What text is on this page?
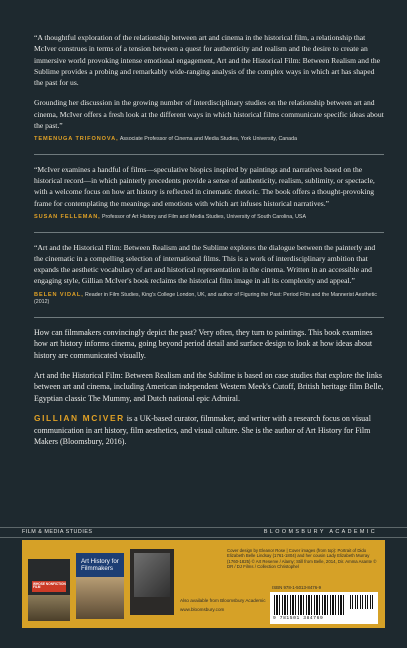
“A thoughtful exploration of the relationship between art and cinema in the historical film, a relationship that McIver construes in terms of a tension between a quest for authenticity and realism and the desire to create an immersive world provoking intense emotional engagement, Art and the Historical Film: Between Realism and the Sublime provides a probing and remarkably wide-ranging analysis of the complex ways in which art has shaped the past for us.

Grounding her discussion in the growing number of interdisciplinary studies on the relationship between art and cinema, McIver offers a fresh look at the different ways in which historical films communicate specific ideas about the past.”

TEMENUGA TRIFONOVA, Associate Professor of Cinema and Media Studies, York University, Canada

“McIver examines a handful of films—speculative biopics inspired by paintings and narratives based on the historical record—in which painterly precedents provide a sense of authenticity, realism, sublimity, or spectacle, with a welcome focus on how art history is reflected in cinematic rhetoric. The book offers a thought-provoking frame for contemplating the meanings and emotions with which art infuses historical narratives.”

SUSAN FELLEMAN, Professor of Art History and Film and Media Studies, University of South Carolina, USA

“Art and the Historical Film: Between Realism and the Sublime explores the dialogue between the painterly and the cinematic in a compelling selection of international films. This is a work of interdisciplinary ambition that expands the aesthetic vocabulary of art and historical representation in the cinema. Written in an accessible and engaging style, Gillian McIver's book reclaims the historical film image in all its complexity and appeal.”

BELEN VIDAL, Reader in Film Studies, King's College London, UK, and author of Figuring the Past: Period Film and the Mannerist Aesthetic (2012)

How can filmmakers convincingly depict the past? Very often, they turn to paintings. This book examines how art history informs cinema, going beyond period detail and surface design to look at how ideas about history are communicated visually.

Art and the Historical Film: Between Realism and the Sublime is based on case studies that explore the links between art and cinema, including American independent Western Meek's Cutoff, British heritage film Belle, Egyptian classic The Mummy, and Dutch national epic Admiral.

GILLIAN MCIVER is a UK-based curator, filmmaker, and writer with a research focus on visual communication in art history, film aesthetics, and visual culture. She is the author of Art History for Film Makers (Bloomsbury, 2016).
FILM & MEDIA STUDIES	BLOOMSBURY ACADEMIC
WHOSE NONFICTION FILM
Art History for Filmmakers
Also available from Bloomsbury Academic
www.bloomsbury.com
Cover design by Eleanor Rose | Cover images (from top): Portrait of Dido Elizabeth Belle Lindsay (1761-1804) and her cousin Lady Elizabeth Murray (1760-1825) © Art Reserve / Alamy; Still from Belle, 2014, Dir. Amma Asante © DR / DJ Films / Collection Christophel
ISBN 978-1-5013-8476-9
9 781501 384769
